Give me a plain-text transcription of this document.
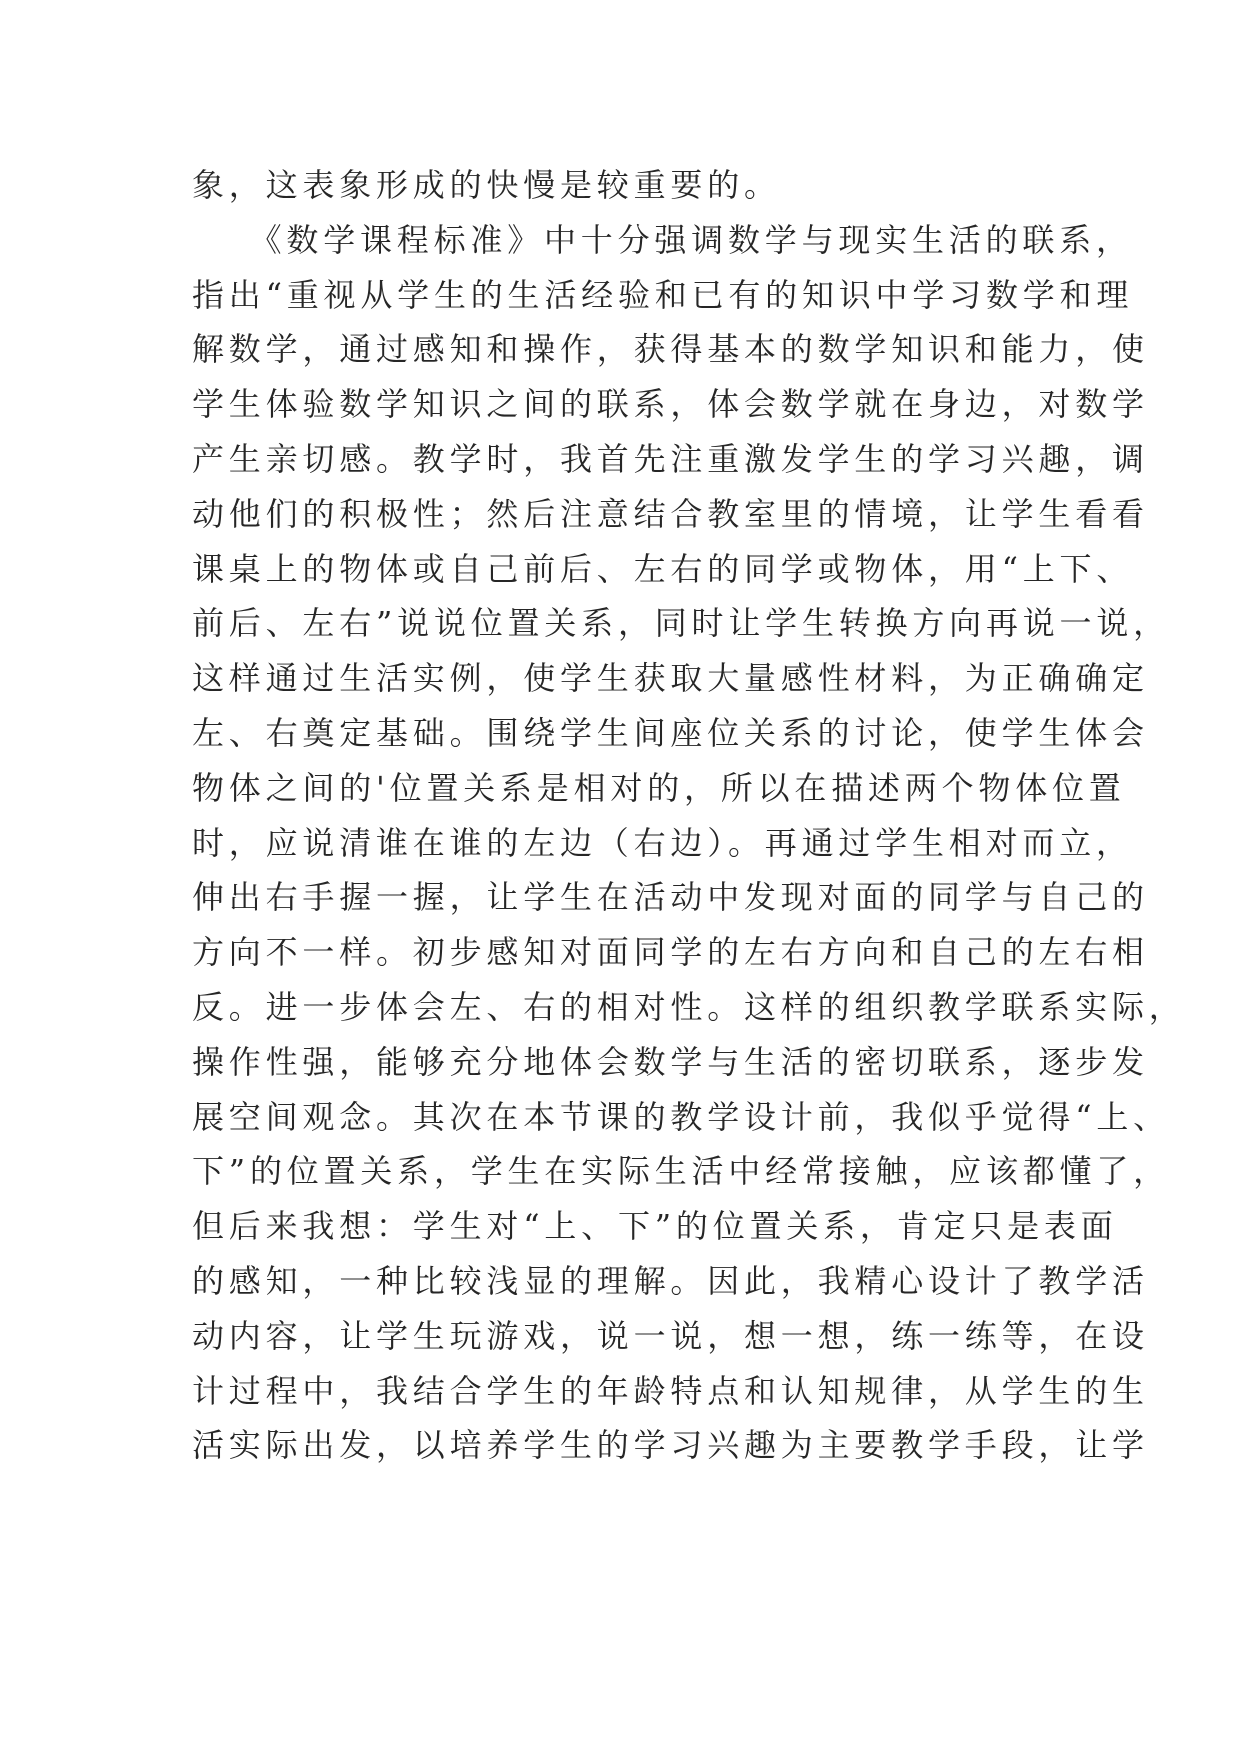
象，这表象形成的快慢是较重要的。
　　《数学课程标准》中十分强调数学与现实生活的联系，
指出“重视从学生的生活经验和已有的知识中学习数学和理
解数学，通过感知和操作，获得基本的数学知识和能力，使
学生体验数学知识之间的联系，体会数学就在身边，对数学
产生亲切感。教学时，我首先注重激发学生的学习兴趣，调
动他们的积极性；然后注意结合教室里的情境，让学生看看
课桌上的物体或自己前后、左右的同学或物体，用“上下、
前后、左右”说说位置关系，同时让学生转换方向再说一说，
这样通过生活实例，使学生获取大量感性材料，为正确确定
左、右奠定基础。围绕学生间座位关系的讨论，使学生体会
物体之间的'位置关系是相对的，所以在描述两个物体位置
时，应说清谁在谁的左边（右边）。再通过学生相对而立，
伸出右手握一握，让学生在活动中发现对面的同学与自己的
方向不一样。初步感知对面同学的左右方向和自己的左右相
反。进一步体会左、右的相对性。这样的组织教学联系实际，
操作性强，能够充分地体会数学与生活的密切联系，逐步发
展空间观念。其次在本节课的教学设计前，我似乎觉得“上、
下”的位置关系，学生在实际生活中经常接触，应该都懂了，
但后来我想：学生对“上、下”的位置关系，肯定只是表面
的感知，一种比较浅显的理解。因此，我精心设计了教学活
动内容，让学生玩游戏，说一说，想一想，练一练等，在设
计过程中，我结合学生的年龄特点和认知规律，从学生的生
活实际出发，以培养学生的学习兴趣为主要教学手段，让学
